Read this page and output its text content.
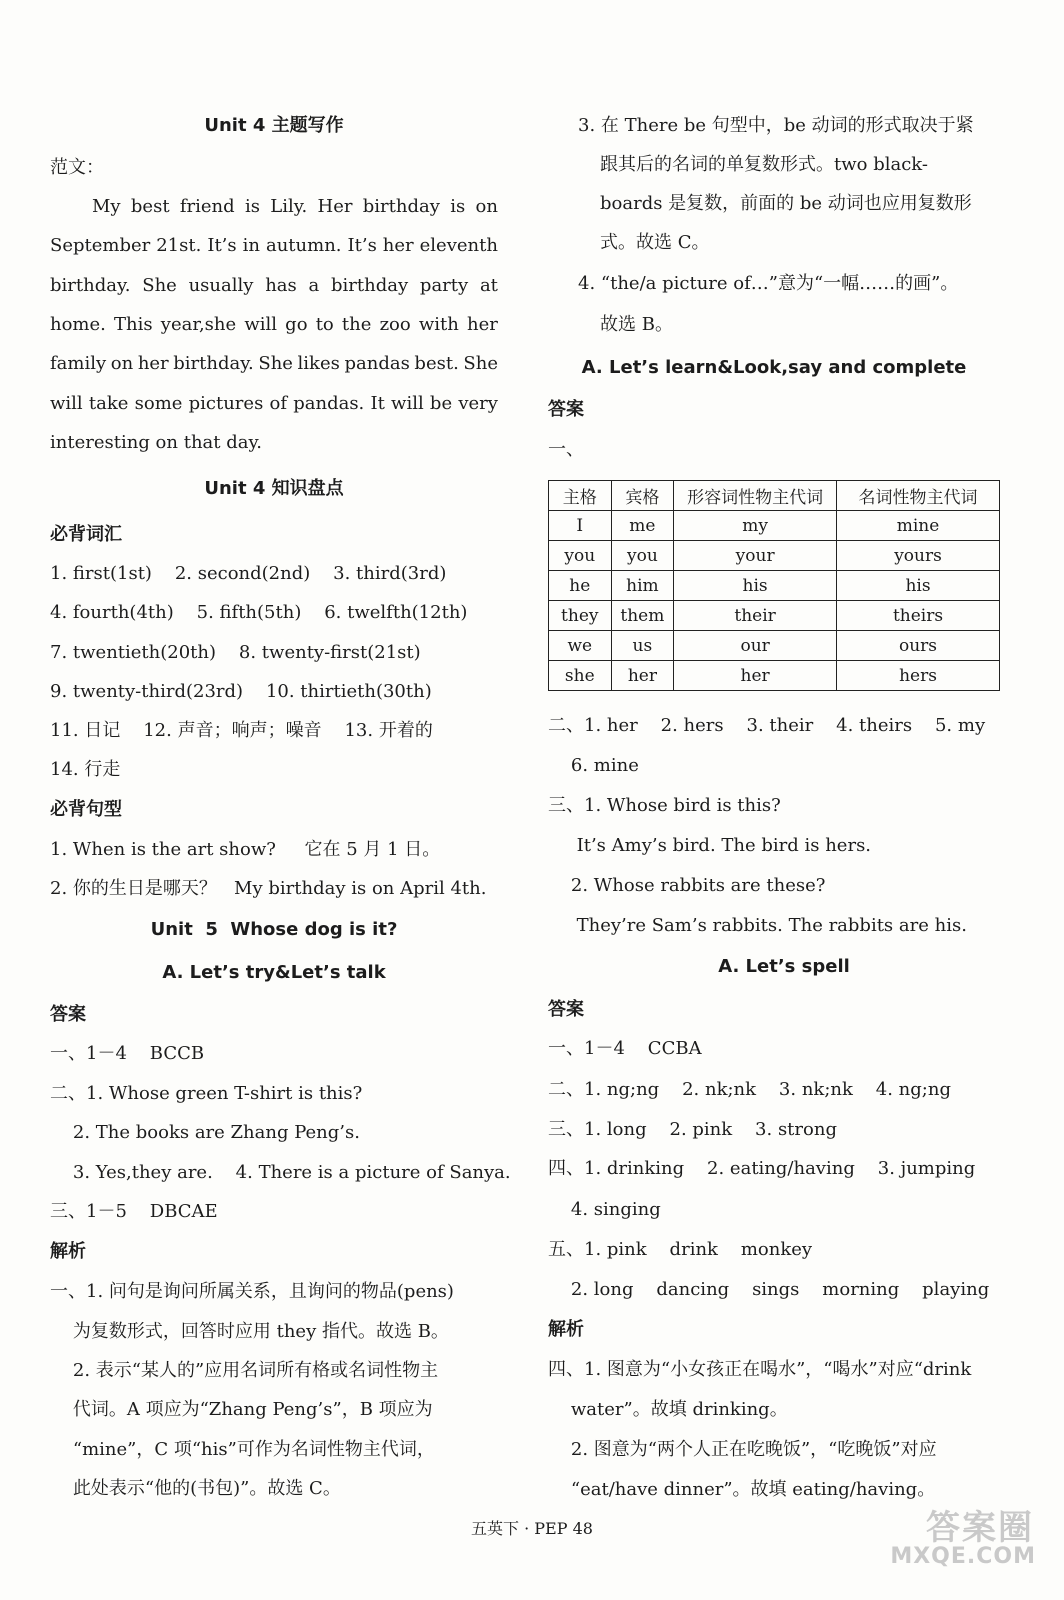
Unit 4 主题写作
范文：
My best friend is Lily. Her birthday is on
September 21st. It’s in autumn. It’s her eleventh
birthday. She usually has a birthday party at
home. This year,she will go to the zoo with her
family on her birthday. She likes pandas best. She
will take some pictures of pandas. It will be very
interesting on that day.
Unit 4 知识盘点
必背词汇
1. first(1st)    2. second(2nd)    3. third(3rd)
4. fourth(4th)    5. fifth(5th)    6. twelfth(12th)
7. twentieth(20th)    8. twenty-first(21st)
9. twenty-third(23rd)    10. thirtieth(30th)
11. 日记    12. 声音；响声；噪音    13. 开着的
14. 行走
必背句型
1. When is the art show?     它在 5 月 1 日。
2. 你的生日是哪天？   My birthday is on April 4th.
Unit  5  Whose dog is it?
A. Let’s try&Let’s talk
答案
一、1－4    BCCB
二、1. Whose green T-shirt is this?
2. The books are Zhang Peng’s.
3. Yes,they are.    4. There is a picture of Sanya.
三、1－5    DBCAE
解析
一、1. 问句是询问所属关系，且询问的物品(pens)
为复数形式，回答时应用 they 指代。故选 B。
2. 表示“某人的”应用名词所有格或名词性物主
代词。A 项应为“Zhang Peng’s”，B 项应为
“mine”，C 项“his”可作为名词性物主代词，
此处表示“他的(书包)”。故选 C。
3. 在 There be 句型中，be 动词的形式取决于紧
跟其后的名词的单复数形式。two black-
boards 是复数，前面的 be 动词也应用复数形
式。故选 C。
4. “the/a picture of…”意为“一幅……的画”。
故选 B。
A. Let’s learn&Look,say and complete
答案
一、
主格	宾格	形容词性物主代词	名词性物主代词
I	me	my	mine
you	you	your	yours
he	him	his	his
they	them	their	theirs
we	us	our	ours
she	her	her	hers
二、1. her    2. hers    3. their    4. theirs    5. my
6. mine
三、1. Whose bird is this?
It’s Amy’s bird. The bird is hers.
2. Whose rabbits are these?
They’re Sam’s rabbits. The rabbits are his.
A. Let’s spell
答案
一、1－4    CCBA
二、1. ng;ng    2. nk;nk    3. nk;nk    4. ng;ng
三、1. long    2. pink    3. strong
四、1. drinking    2. eating/having    3. jumping
4. singing
五、1. pink    drink    monkey
2. long    dancing    sings    morning    playing
解析
四、1. 图意为“小女孩正在喝水”，“喝水”对应“drink
water”。故填 drinking。
2. 图意为“两个人正在吃晚饭”，“吃晚饭”对应
“eat/have dinner”。故填 eating/having。
五英下 · PEP 48	答案圈
MXQE.COM
